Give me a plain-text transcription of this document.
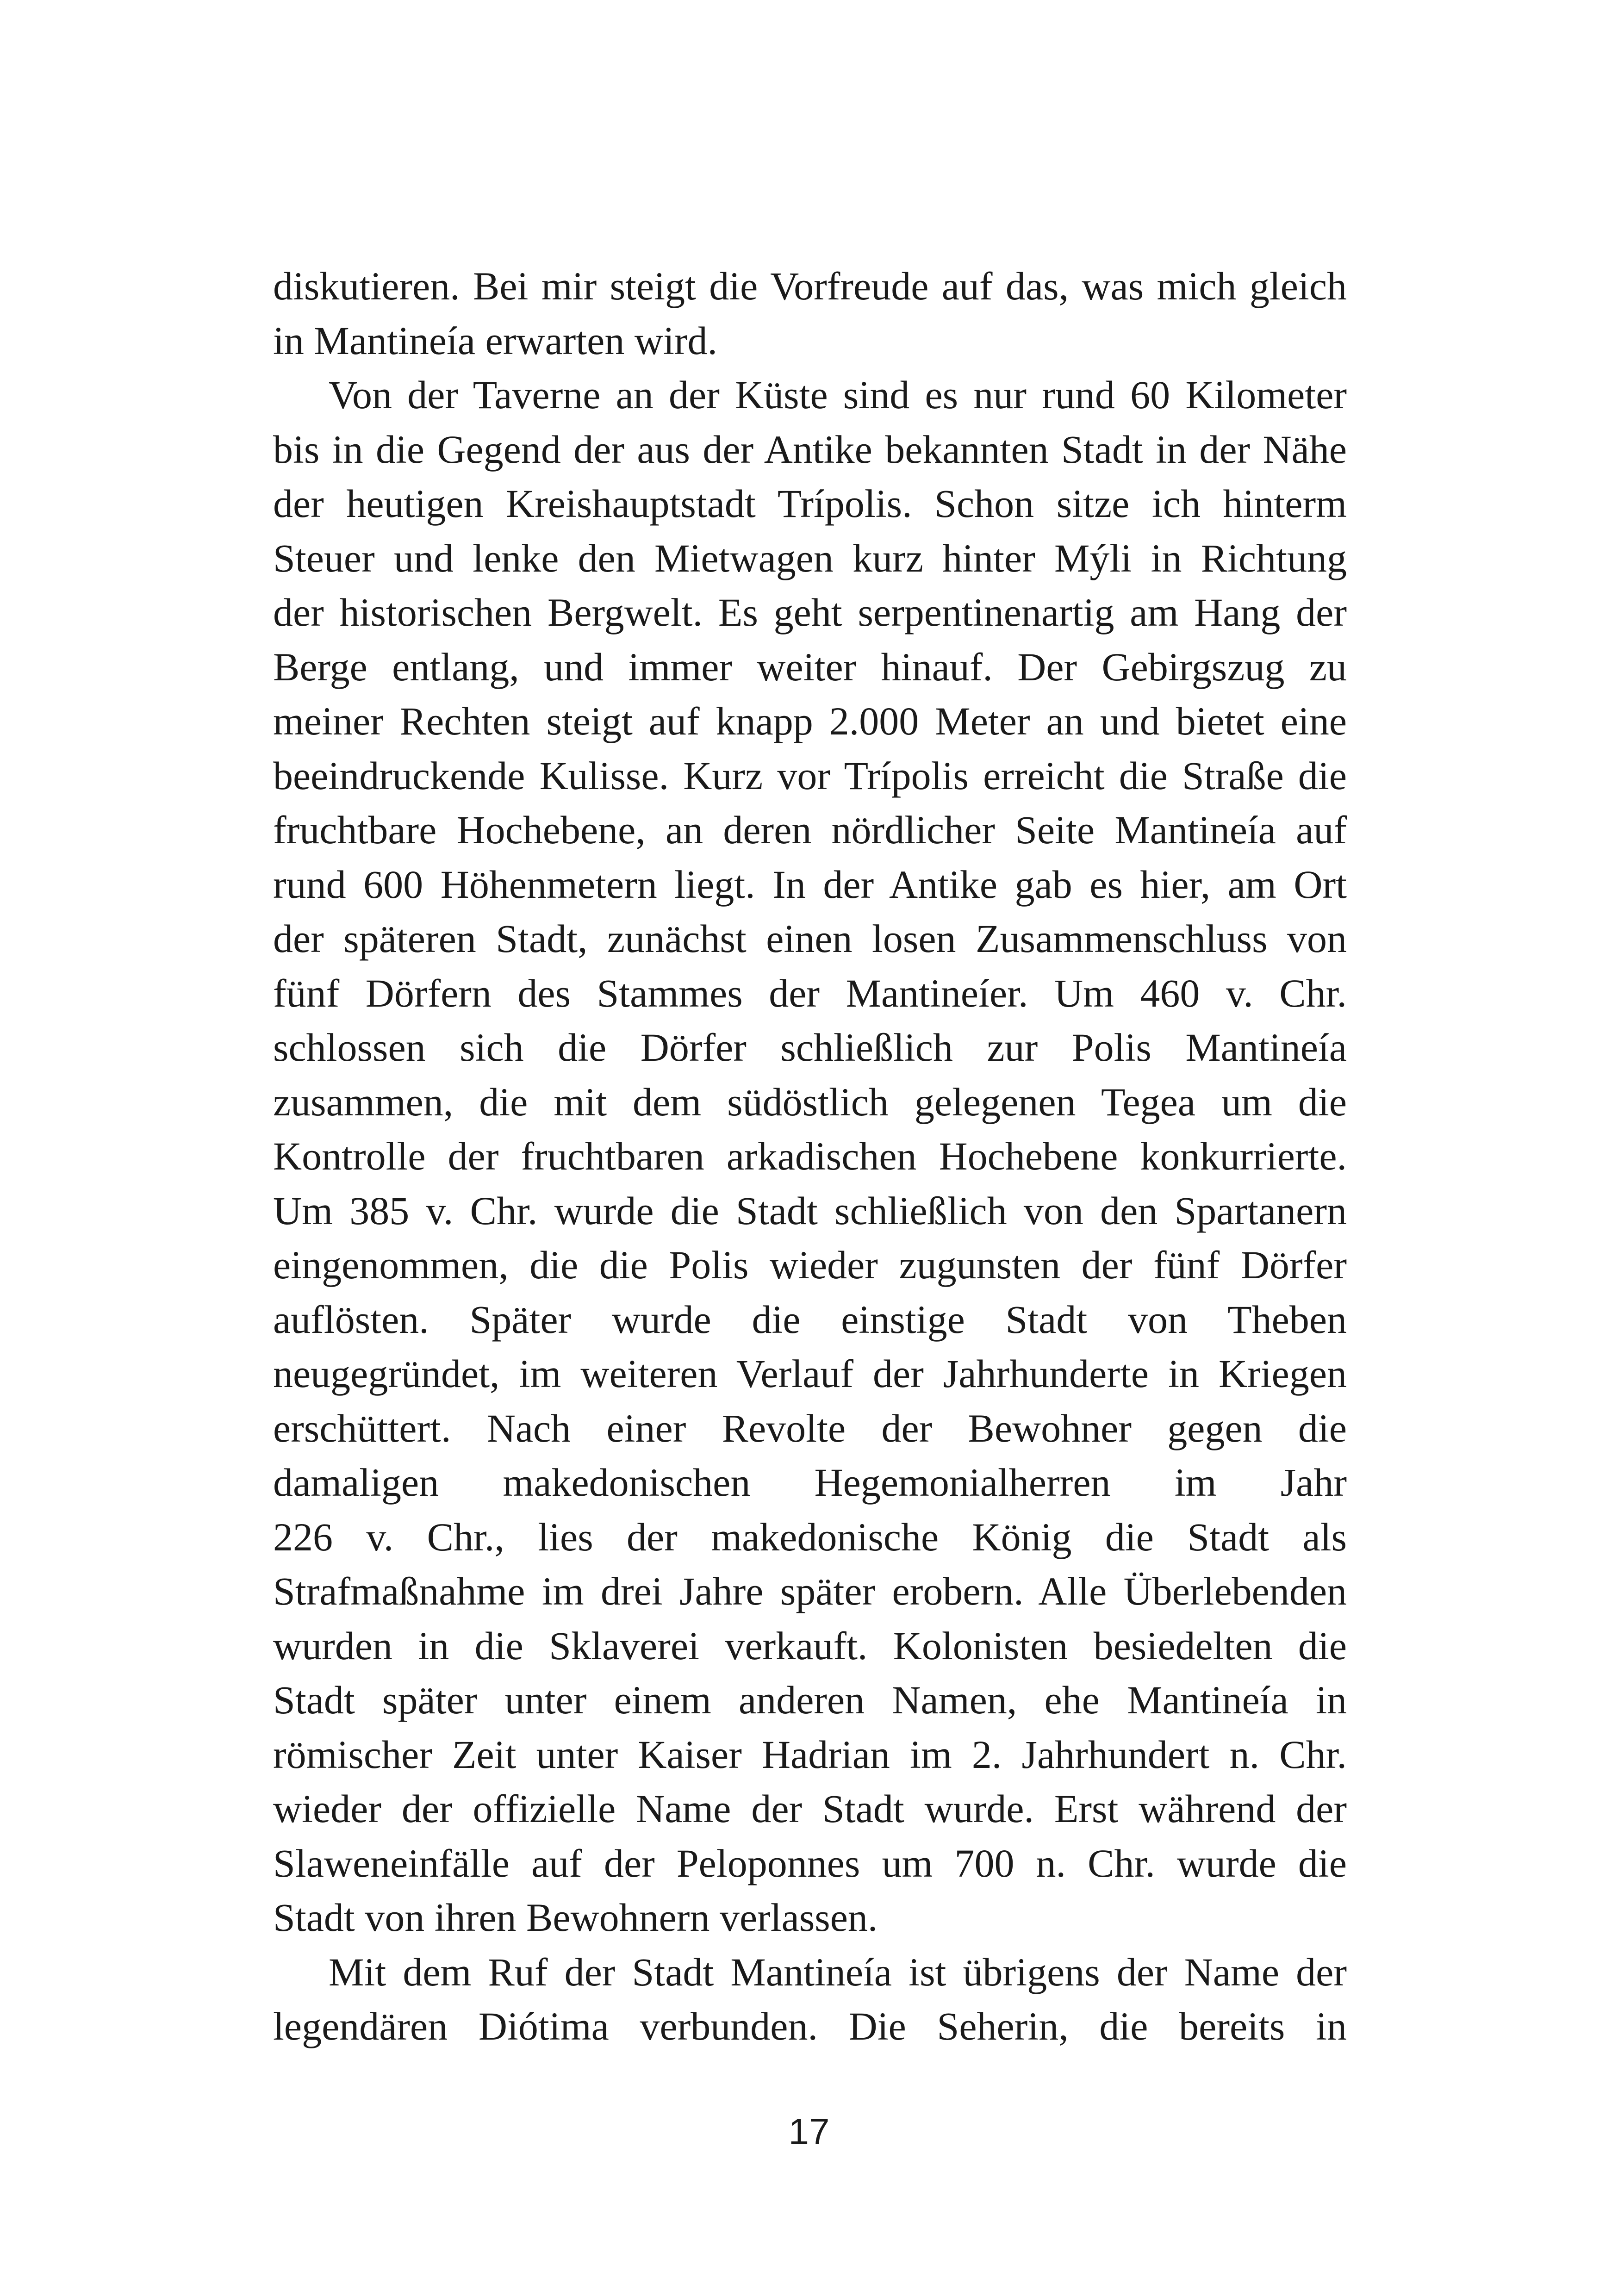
diskutieren. Bei mir steigt die Vorfreude auf das, was mich gleich
in Mantineía erwarten wird.
Von der Taverne an der Küste sind es nur rund 60 Kilometer
bis in die Gegend der aus der Antike bekannten Stadt in der Nähe
der heutigen Kreishauptstadt Trípolis. Schon sitze ich hinterm
Steuer und lenke den Mietwagen kurz hinter Mýli in Richtung
der historischen Bergwelt. Es geht serpentinenartig am Hang der
Berge entlang, und immer weiter hinauf. Der Gebirgszug zu
meiner Rechten steigt auf knapp 2.000 Meter an und bietet eine
beeindruckende Kulisse. Kurz vor Trípolis erreicht die Straße die
fruchtbare Hochebene, an deren nördlicher Seite Mantineía auf
rund 600 Höhenmetern liegt. In der Antike gab es hier, am Ort
der späteren Stadt, zunächst einen losen Zusammenschluss von
fünf Dörfern des Stammes der Mantineíer. Um 460 v. Chr.
schlossen sich die Dörfer schließlich zur Polis Mantineía
zusammen, die mit dem südöstlich gelegenen Tegea um die
Kontrolle der fruchtbaren arkadischen Hochebene konkurrierte.
Um 385 v. Chr. wurde die Stadt schließlich von den Spartanern
eingenommen, die die Polis wieder zugunsten der fünf Dörfer
auflösten. Später wurde die einstige Stadt von Theben
neugegründet, im weiteren Verlauf der Jahrhunderte in Kriegen
erschüttert. Nach einer Revolte der Bewohner gegen die
damaligen makedonischen Hegemonialherren im Jahr
226 v. Chr., lies der makedonische König die Stadt als
Strafmaßnahme im drei Jahre später erobern. Alle Überlebenden
wurden in die Sklaverei verkauft. Kolonisten besiedelten die
Stadt später unter einem anderen Namen, ehe Mantineía in
römischer Zeit unter Kaiser Hadrian im 2. Jahrhundert n. Chr.
wieder der offizielle Name der Stadt wurde. Erst während der
Slaweneinfälle auf der Peloponnes um 700 n. Chr. wurde die
Stadt von ihren Bewohnern verlassen.
Mit dem Ruf der Stadt Mantineía ist übrigens der Name der
legendären Diótima verbunden. Die Seherin, die bereits in
17
